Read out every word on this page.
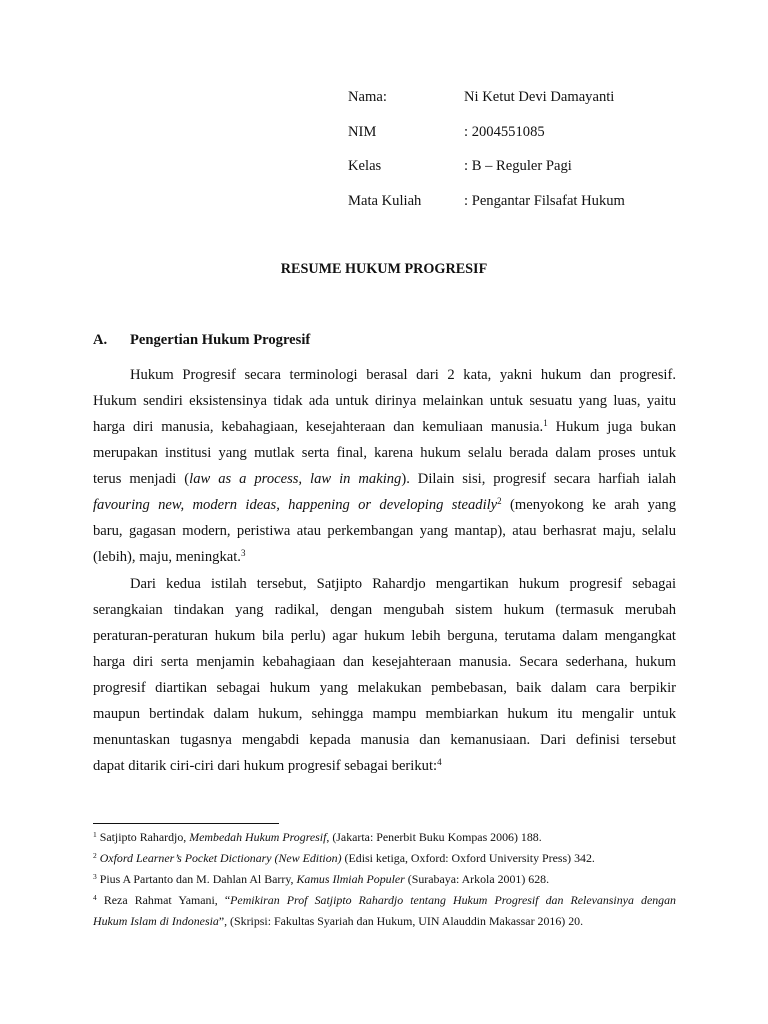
Nama:	Ni Ketut Devi Damayanti
NIM	: 2004551085
Kelas	: B – Reguler Pagi
Mata Kuliah	: Pengantar Filsafat Hukum
RESUME HUKUM PROGRESIF
A. Pengertian Hukum Progresif
Hukum Progresif secara terminologi berasal dari 2 kata, yakni hukum dan progresif.
Hukum sendiri eksistensinya tidak ada untuk dirinya melainkan untuk sesuatu yang luas, yaitu
harga diri manusia, kebahagiaan, kesejahteraan dan kemuliaan manusia.$^1$ Hukum juga bukan
merupakan institusi yang mutlak serta final, karena hukum selalu berada dalam proses untuk
terus menjadi (law as a process, law in making). Dilain sisi, progresif secara harfiah ialah
favouring new, modern ideas, happening or developing steadily$^2$ (menyokong ke arah yang
baru, gagasan modern, peristiwa atau perkembangan yang mantap), atau berhasrat maju, selalu
(lebih), maju, meningkat.$^3$
Dari kedua istilah tersebut, Satjipto Rahardjo mengartikan hukum progresif sebagai
serangkaian tindakan yang radikal, dengan mengubah sistem hukum (termasuk merubah
peraturan-peraturan hukum bila perlu) agar hukum lebih berguna, terutama dalam mengangkat
harga diri serta menjamin kebahagiaan dan kesejahteraan manusia. Secara sederhana, hukum
progresif diartikan sebagai hukum yang melakukan pembebasan, baik dalam cara berpikir
maupun bertindak dalam hukum, sehingga mampu membiarkan hukum itu mengalir untuk
menuntaskan tugasnya mengabdi kepada manusia dan kemanusiaan. Dari definisi tersebut
dapat ditarik ciri-ciri dari hukum progresif sebagai berikut:$^4$
$^1$ Satjipto Rahardjo, Membedah Hukum Progresif, (Jakarta: Penerbit Buku Kompas 2006) 188.
$^2$ Oxford Learner’s Pocket Dictionary (New Edition) (Edisi ketiga, Oxford: Oxford University Press) 342.
$^3$ Pius A Partanto dan M. Dahlan Al Barry, Kamus Ilmiah Populer (Surabaya: Arkola 2001) 628.
$^4$ Reza Rahmat Yamani, “Pemikiran Prof Satjipto Rahardjo tentang Hukum Progresif dan Relevansinya dengan
Hukum Islam di Indonesia”, (Skripsi: Fakultas Syariah dan Hukum, UIN Alauddin Makassar 2016) 20.
